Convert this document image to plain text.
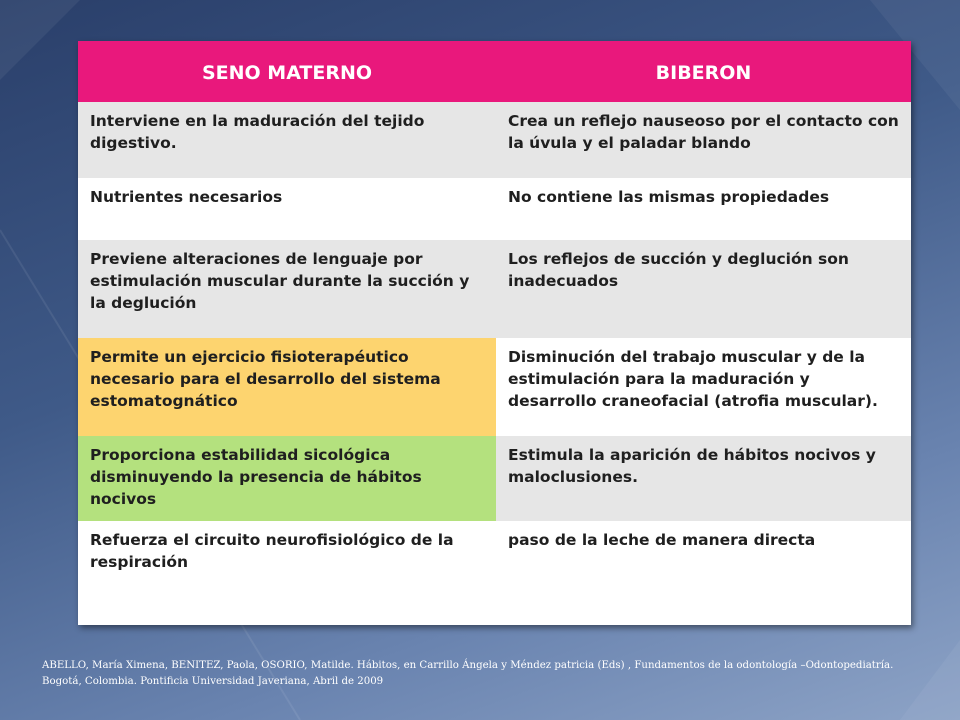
SENO MATERNO	BIBERON
Interviene en la maduración del tejido digestivo.
Crea un reflejo nauseoso por el contacto con la úvula y el paladar blando
Nutrientes necesarios	No contiene las mismas propiedades
Previene alteraciones de lenguaje por estimulación muscular durante la succión y la deglución
Los reflejos de succión y deglución son inadecuados
Permite un ejercicio fisioterapéutico necesario para el desarrollo del sistema estomatognático
Disminución del trabajo muscular y de la estimulación para la maduración y desarrollo craneofacial (atrofia muscular).
Proporciona estabilidad sicológica disminuyendo la presencia de hábitos nocivos
Estimula la aparición de hábitos nocivos y maloclusiones.
Refuerza el circuito neurofisiológico de la respiración
paso de la leche de manera directa
ABELLO, María Ximena, BENITEZ, Paola, OSORIO, Matilde. Hábitos, en Carrillo Ángela y Méndez patricia (Eds) , Fundamentos de la odontología –Odontopediatría.
Bogotá, Colombia. Pontificia Universidad Javeriana, Abril de 2009
